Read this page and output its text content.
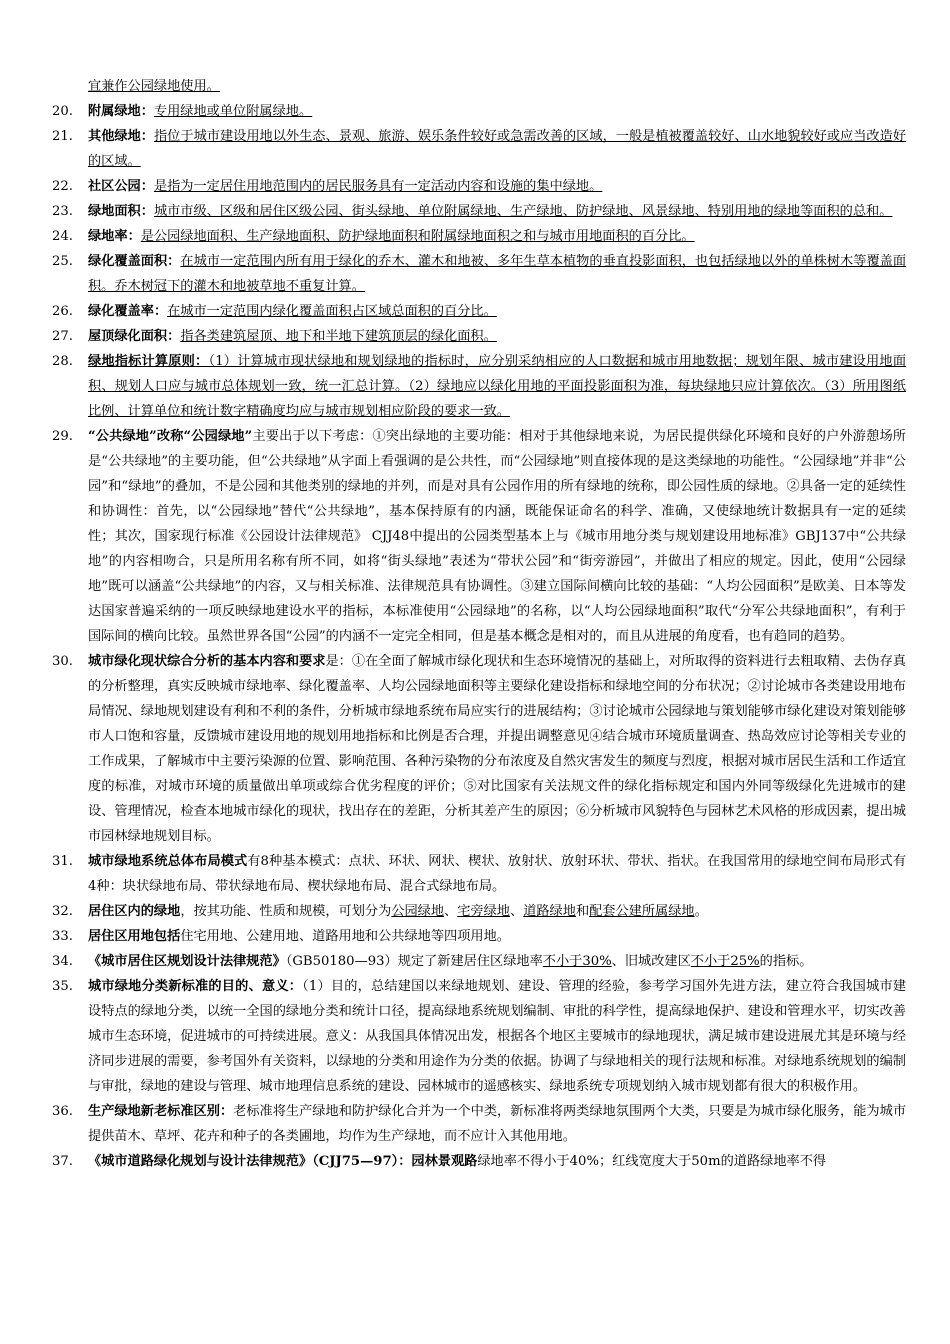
宜兼作公园绿地使用。
20.	附属绿地：专用绿地或单位附属绿地。
21.	其他绿地：指位于城市建设用地以外生态、景观、旅游、娱乐条件较好或急需改善的区域，一般是植被覆盖较好、山水地貌较好或应当改造好的区域。
22.	社区公园：是指为一定居住用地范围内的居民服务具有一定活动内容和设施的集中绿地。
23.	绿地面积：城市市级、区级和居住区级公园、街头绿地、单位附属绿地、生产绿地、防护绿地、风景绿地、特别用地的绿地等面积的总和。
24.	绿地率：是公园绿地面积、生产绿地面积、防护绿地面积和附属绿地面积之和与城市用地面积的百分比。
25.	绿化覆盖面积：在城市一定范围内所有用于绿化的乔木、灌木和地被、多年生草本植物的垂直投影面积，也包括绿地以外的单株树木等覆盖面积。乔木树冠下的灌木和地被草地不重复计算。
26.	绿化覆盖率：在城市一定范围内绿化覆盖面积占区域总面积的百分比。
27.	屋顶绿化面积：指各类建筑屋顶、地下和半地下建筑顶层的绿化面积。
28.	绿地指标计算原则：（1）计算城市现状绿地和规划绿地的指标时，应分别采纳相应的人口数据和城市用地数据；规划年限、城市建设用地面积、规划人口应与城市总体规划一致，统一汇总计算。（2）绿地应以绿化用地的平面投影面积为准，每块绿地只应计算依次。（3）所用图纸比例、计算单位和统计数字精确度均应与城市规划相应阶段的要求一致。
29.	“公共绿地”改称“公园绿地”主要出于以下考虑：①突出绿地的主要功能：相对于其他绿地来说，为居民提供绿化环境和良好的户外游憩场所是“公共绿地”的主要功能，但“公共绿地”从字面上看强调的是公共性，而“公园绿地”则直接体现的是这类绿地的功能性。“公园绿地”并非“公园”和“绿地”的叠加，不是公园和其他类别的绿地的并列，而是对具有公园作用的所有绿地的统称，即公园性质的绿地。②具备一定的延续性和协调性：首先，以“公园绿地”替代“公共绿地”，基本保持原有的内涵，既能保证命名的科学、准确，又使绿地统计数据具有一定的延续性；其次，国家现行标准《公园设计法律规范》 CJJ48中提出的公园类型基本上与《城市用地分类与规划建设用地标准》GBJ137中“公共绿地”的内容相吻合，只是所用名称有所不同，如将“街头绿地”表述为“带状公园”和“街旁游园”，并做出了相应的规定。因此，使用“公园绿地”既可以涵盖“公共绿地”的内容，又与相关标准、法律规范具有协调性。③建立国际间横向比较的基础：“人均公园面积”是欧美、日本等发达国家普遍采纳的一项反映绿地建设水平的指标，本标准使用“公园绿地”的名称，以“人均公园绿地面积”取代“分军公共绿地面积”，有利于国际间的横向比较。虽然世界各国“公园”的内涵不一定完全相同，但是基本概念是相对的，而且从进展的角度看，也有趋同的趋势。
30.	城市绿化现状综合分析的基本内容和要求是：①在全面了解城市绿化现状和生态环境情况的基础上，对所取得的资料进行去粗取精、去伪存真的分析整理，真实反映城市绿地率、绿化覆盖率、人均公园绿地面积等主要绿化建设指标和绿地空间的分布状况；②讨论城市各类建设用地布局情况、绿地规划建设有利和不利的条件，分析城市绿地系统布局应实行的进展结构；③讨论城市公园绿地与策划能够市绿化建设对策划能够市人口饱和容量，反馈城市建设用地的规划用地指标和比例是否合理，并提出调整意见④结合城市环境质量调查、热岛效应讨论等相关专业的工作成果，了解城市中主要污染源的位置、影响范围、各种污染物的分布浓度及自然灾害发生的频度与烈度，根据对城市居民生活和工作适宜度的标准，对城市环境的质量做出单项或综合优劣程度的评价；⑤对比国家有关法规文件的绿化指标规定和国内外同等级绿化先进城市的建设、管理情况，检查本地城市绿化的现状，找出存在的差距，分析其差产生的原因；⑥分析城市风貌特色与园林艺术风格的形成因素，提出城市园林绿地规划目标。
31.	城市绿地系统总体布局模式有8种基本模式：点状、环状、网状、楔状、放射状、放射环状、带状、指状。在我国常用的绿地空间布局形式有4种：块状绿地布局、带状绿地布局、楔状绿地布局、混合式绿地布局。
32.	居住区内的绿地，按其功能、性质和规模，可划分为公园绿地、宅旁绿地、道路绿地和配套公建所属绿地。
33.	居住区用地包括住宅用地、公建用地、道路用地和公共绿地等四项用地。
34.	《城市居住区规划设计法律规范》（GB50180—93）规定了新建居住区绿地率不小于30%、旧城改建区不小于25%的指标。
35.	城市绿地分类新标准的目的、意义：（1）目的，总结建国以来绿地规划、建设、管理的经验，参考学习国外先进方法，建立符合我国城市建设特点的绿地分类，以统一全国的绿地分类和统计口径，提高绿地系统规划编制、审批的科学性，提高绿地保护、建设和管理水平，切实改善城市生态环境，促进城市的可持续进展。意义：从我国具体情况出发，根据各个地区主要城市的绿地现状，满足城市建设进展尤其是环境与经济同步进展的需要，参考国外有关资料，以绿地的分类和用途作为分类的依据。协调了与绿地相关的现行法规和标准。对绿地系统规划的编制与审批，绿地的建设与管理、城市地理信息系统的建设、园林城市的遥感核实、绿地系统专项规划纳入城市规划都有很大的积极作用。
36.	生产绿地新老标准区别：老标准将生产绿地和防护绿化合并为一个中类，新标准将两类绿地氛围两个大类，只要是为城市绿化服务，能为城市提供苗木、草坪、花卉和种子的各类圃地，均作为生产绿地，而不应计入其他用地。
37.	《城市道路绿化规划与设计法律规范》（CJJ75—97）：园林景观路绿地率不得小于40%；红线宽度大于50m的道路绿地率不得
